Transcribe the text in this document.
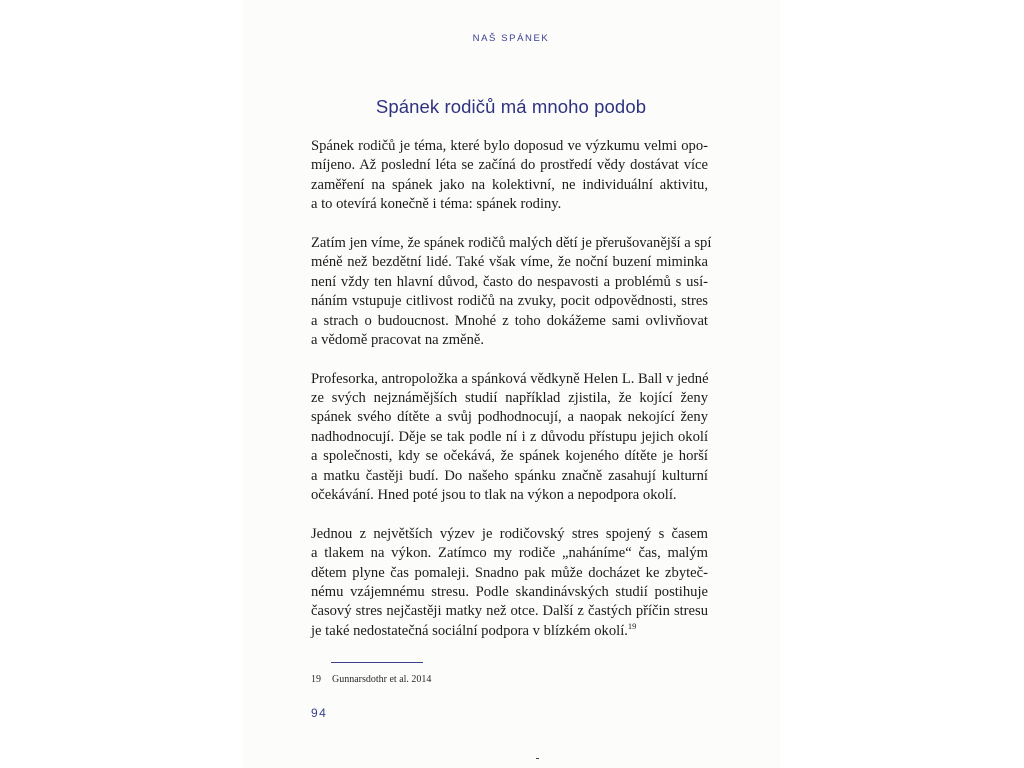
NAŠ SPÁNEK
Spánek rodičů má mnoho podob
Spánek rodičů je téma, které bylo doposud ve výzkumu velmi opo-
míjeno. Až poslední léta se začíná do prostředí vědy dostávat více
zaměření na spánek jako na kolektivní, ne individuální aktivitu,
a to otevírá konečně i téma: spánek rodiny.
Zatím jen víme, že spánek rodičů malých dětí je přerušovanější a spí
méně než bezdětní lidé. Také však víme, že noční buzení miminka
není vždy ten hlavní důvod, často do nespavosti a problémů s usí-
náním vstupuje citlivost rodičů na zvuky, pocit odpovědnosti, stres
a strach o budoucnost. Mnohé z toho dokážeme sami ovlivňovat
a vědomě pracovat na změně.
Profesorka, antropoložka a spánková vědkyně Helen L. Ball v jedné
ze svých nejznámějších studií například zjistila, že kojící ženy
spánek svého dítěte a svůj podhodnocují, a naopak nekojící ženy
nadhodnocují. Děje se tak podle ní i z důvodu přístupu jejich okolí
a společnosti, kdy se očekává, že spánek kojeného dítěte je horší
a matku častěji budí. Do našeho spánku značně zasahují kulturní
očekávání. Hned poté jsou to tlak na výkon a nepodpora okolí.
Jednou z největších výzev je rodičovský stres spojený s časem
a tlakem na výkon. Zatímco my rodiče „naháníme“ čas, malým
dětem plyne čas pomaleji. Snadno pak může docházet ke zbyteč-
nému vzájemnému stresu. Podle skandinávských studií postihuje
časový stres nejčastěji matky než otce. Další z častých příčin stresu
je také nedostatečná sociální podpora v blízkém okolí.$^{19}$
19 Gunnarsdothr et al. 2014
94
